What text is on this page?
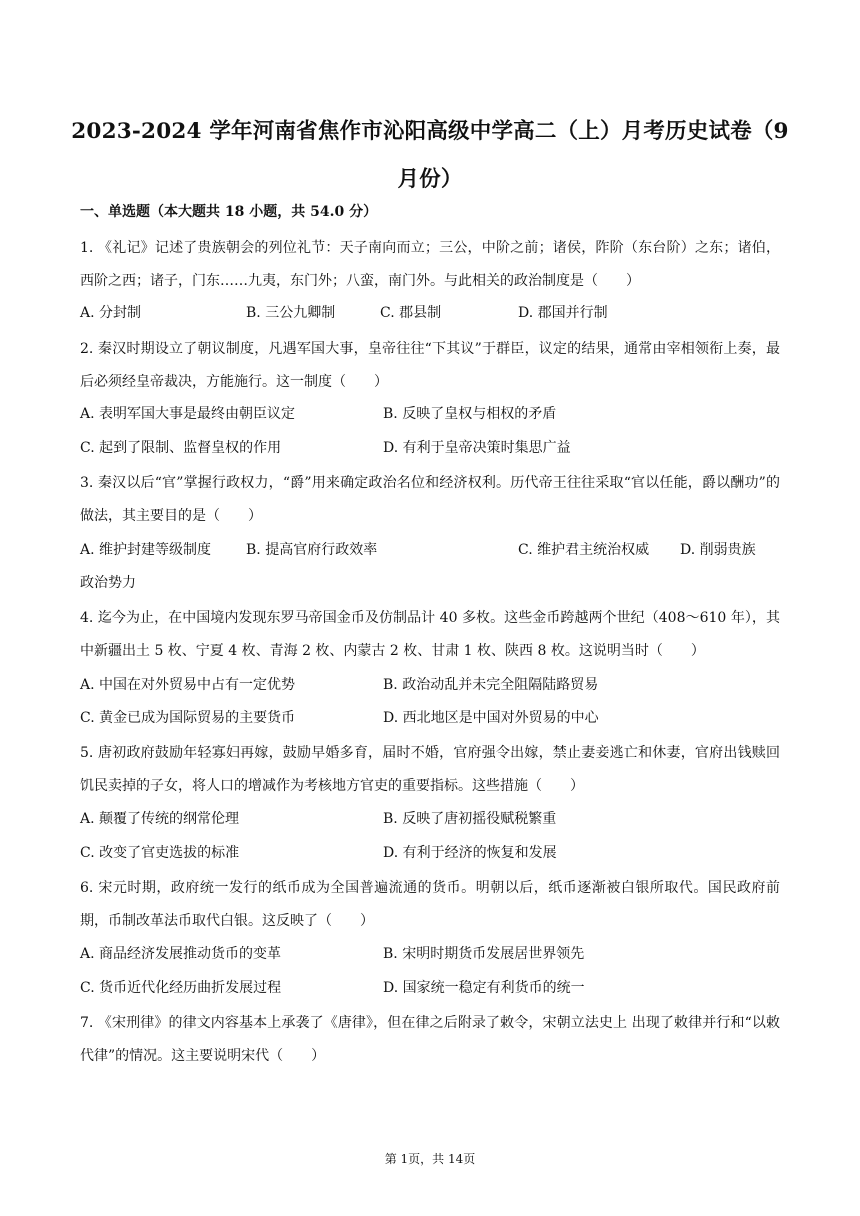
2023-2024 学年河南省焦作市沁阳高级中学高二（上）月考历史试卷（9
月份）
一、单选题（本大题共 18 小题，共 54.0 分）
1. 《礼记》记述了贵族朝会的列位礼节：天子南向而立；三公，中阶之前；诸侯，阼阶（东台阶）之东；诸伯，西阶之西；诸子，门东……九夷，东门外；八蛮，南门外。与此相关的政治制度是（　　）
A. 分封制	B. 三公九卿制	C. 郡县制	D. 郡国并行制
2. 秦汉时期设立了朝议制度，凡遇军国大事，皇帝往往“下其议”于群臣，议定的结果，通常由宰相领衔上奏，最后必须经皇帝裁决，方能施行。这一制度（　　）
A. 表明军国大事是最终由朝臣议定	B. 反映了皇权与相权的矛盾
C. 起到了限制、监督皇权的作用	D. 有利于皇帝决策时集思广益
3. 秦汉以后“官”掌握行政权力，“爵”用来确定政治名位和经济权利。历代帝王往往采取“官以任能，爵以酬功”的做法，其主要目的是（　　）
A. 维护封建等级制度 B. 提高官府行政效率	C. 维护君主统治权威 D. 削弱贵族
政治势力
4. 迄今为止，在中国境内发现东罗马帝国金币及仿制品计 40 多枚。这些金币跨越两个世纪（408～610 年），其中新疆出土 5 枚、宁夏 4 枚、青海 2 枚、内蒙古 2 枚、甘肃 1 枚、陕西 8 枚。这说明当时（　　）
A. 中国在对外贸易中占有一定优势	B. 政治动乱并未完全阻隔陆路贸易
C. 黄金已成为国际贸易的主要货币	D. 西北地区是中国对外贸易的中心
5. 唐初政府鼓励年轻寡妇再嫁，鼓励早婚多育，届时不婚，官府强令出嫁，禁止妻妾逃亡和休妻，官府出钱赎回饥民卖掉的子女，将人口的增减作为考核地方官吏的重要指标。这些措施（　　）
A. 颠覆了传统的纲常伦理	B. 反映了唐初摇役赋税繁重
C. 改变了官吏选拔的标准	D. 有利于经济的恢复和发展
6. 宋元时期，政府统一发行的纸币成为全国普遍流通的货币。明朝以后，纸币逐渐被白银所取代。国民政府前期，币制改革法币取代白银。这反映了（　　）
A. 商品经济发展推动货币的变革	B. 宋明时期货币发展居世界领先
C. 货币近代化经历曲折发展过程	D. 国家统一稳定有利货币的统一
7. 《宋刑律》的律文内容基本上承袭了《唐律》，但在律之后附录了敕令，宋朝立法史上 出现了敕律并行和“以敕代律”的情况。这主要说明宋代（　　）
第 1页，共 14页
